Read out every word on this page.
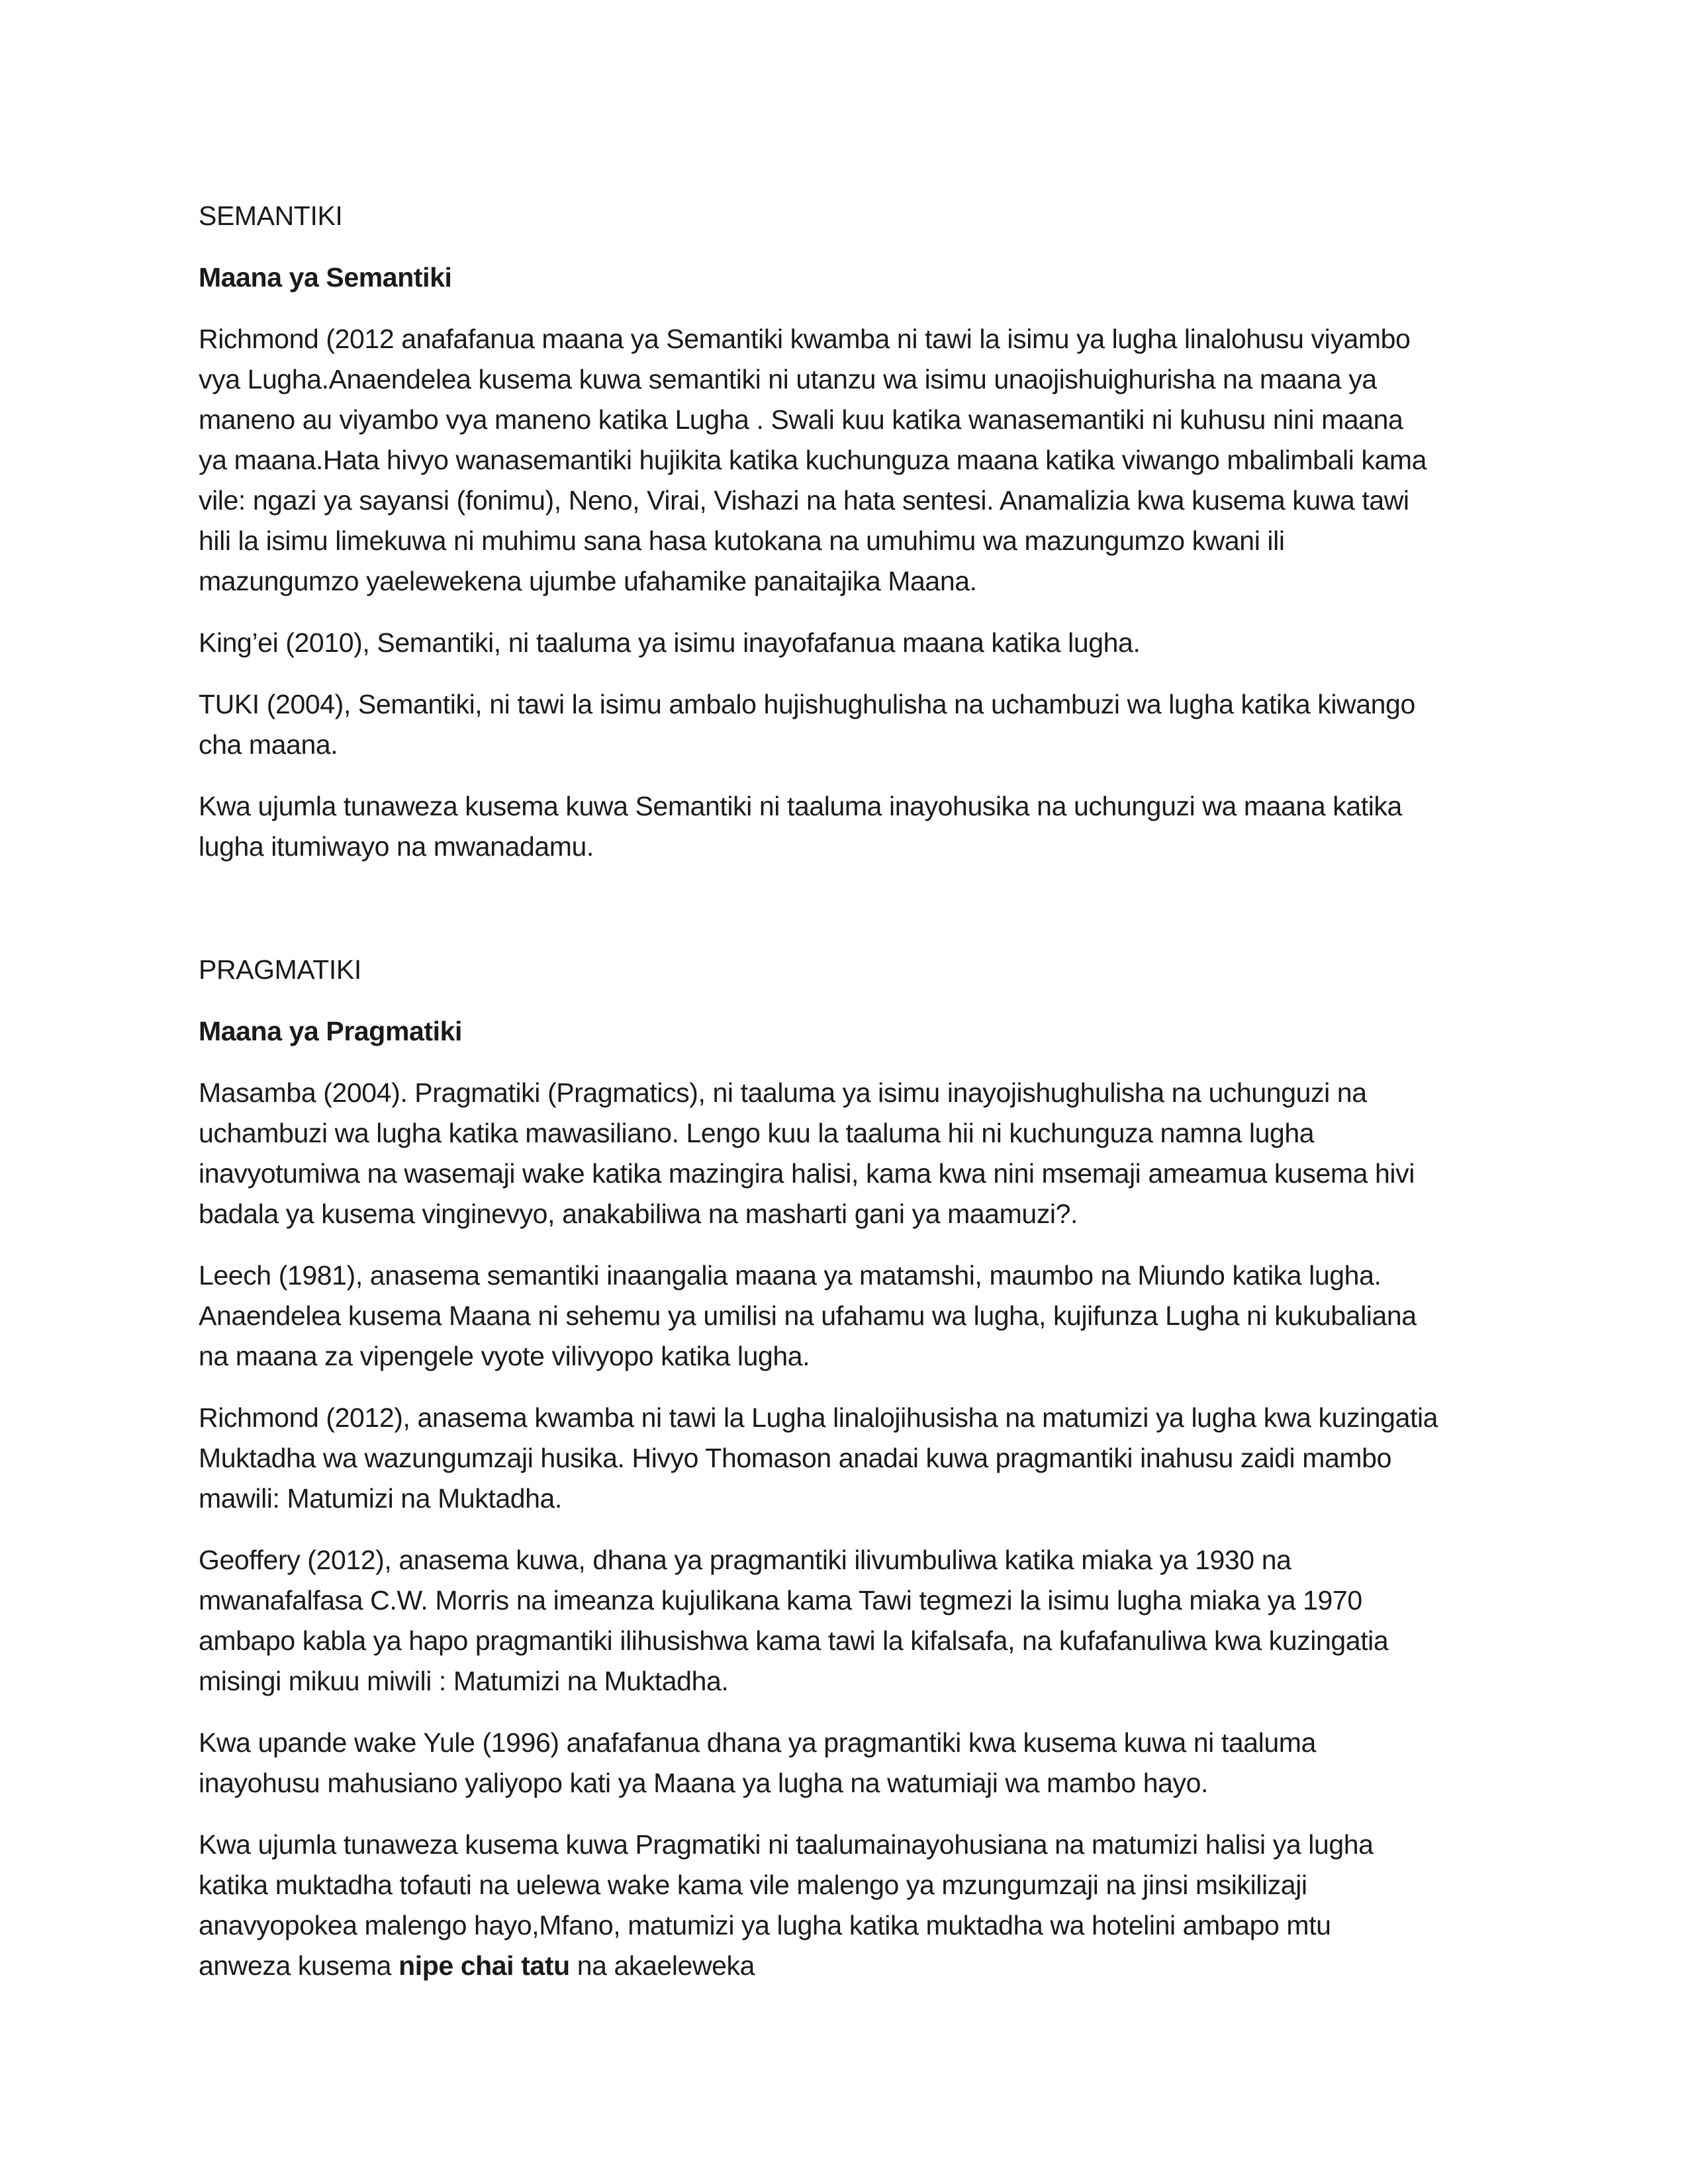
SEMANTIKI

Maana ya Semantiki

Richmond (2012 anafafanua maana ya Semantiki kwamba ni tawi la isimu ya lugha linalohusu viyambo
vya Lugha.Anaendelea kusema kuwa semantiki ni utanzu wa isimu unaojishuighurisha na maana ya
maneno au viyambo vya maneno katika Lugha . Swali kuu katika wanasemantiki ni kuhusu nini maana
ya maana.Hata hivyo wanasemantiki hujikita katika kuchunguza maana katika viwango mbalimbali kama
vile: ngazi ya sayansi (fonimu), Neno, Virai, Vishazi na hata sentesi. Anamalizia kwa kusema kuwa tawi
hili la isimu limekuwa ni muhimu sana hasa kutokana na umuhimu wa mazungumzo kwani ili
mazungumzo yaelewekena ujumbe ufahamike panaitajika Maana.

King’ei (2010), Semantiki, ni taaluma ya isimu inayofafanua maana katika lugha.

TUKI (2004), Semantiki, ni tawi la isimu ambalo hujishughulisha na uchambuzi wa lugha katika kiwango
cha maana.

Kwa ujumla tunaweza kusema kuwa Semantiki ni taaluma inayohusika na uchunguzi wa maana katika
lugha itumiwayo na mwanadamu.

PRAGMATIKI

Maana ya Pragmatiki

Masamba (2004). Pragmatiki (Pragmatics), ni taaluma ya isimu inayojishughulisha na uchunguzi na
uchambuzi wa lugha katika mawasiliano. Lengo kuu la taaluma hii ni kuchunguza namna lugha
inavyotumiwa na wasemaji wake katika mazingira halisi, kama kwa nini msemaji ameamua kusema hivi
badala ya kusema vinginevyo, anakabiliwa na masharti gani ya maamuzi?.

Leech (1981), anasema semantiki inaangalia maana ya matamshi, maumbo na Miundo katika lugha.
Anaendelea kusema Maana ni sehemu ya umilisi na ufahamu wa lugha, kujifunza Lugha ni kukubaliana
na maana za vipengele vyote vilivyopo katika lugha.

Richmond (2012), anasema kwamba ni tawi la Lugha linalojihusisha na matumizi ya lugha kwa kuzingatia
Muktadha wa wazungumzaji husika. Hivyo Thomason anadai kuwa pragmantiki inahusu zaidi mambo
mawili: Matumizi na Muktadha.

Geoffery (2012), anasema kuwa, dhana ya pragmantiki ilivumbuliwa katika miaka ya 1930 na
mwanafalfasa C.W. Morris na imeanza kujulikana kama Tawi tegmezi la isimu lugha miaka ya 1970
ambapo kabla ya hapo pragmantiki ilihusishwa kama tawi la kifalsafa, na kufafanuliwa kwa kuzingatia
misingi mikuu miwili : Matumizi na Muktadha.

Kwa upande wake Yule (1996) anafafanua dhana ya pragmantiki kwa kusema kuwa ni taaluma
inayohusu mahusiano yaliyopo kati ya Maana ya lugha na watumiaji wa mambo hayo.

Kwa ujumla tunaweza kusema kuwa Pragmatiki ni taalumainayohusiana na matumizi halisi ya lugha
katika muktadha tofauti na uelewa wake kama vile malengo ya mzungumzaji na jinsi msikilizaji
anavyopokea malengo hayo,Mfano, matumizi ya lugha katika muktadha wa hotelini ambapo mtu
anweza kusema nipe chai tatu na akaeleweka
